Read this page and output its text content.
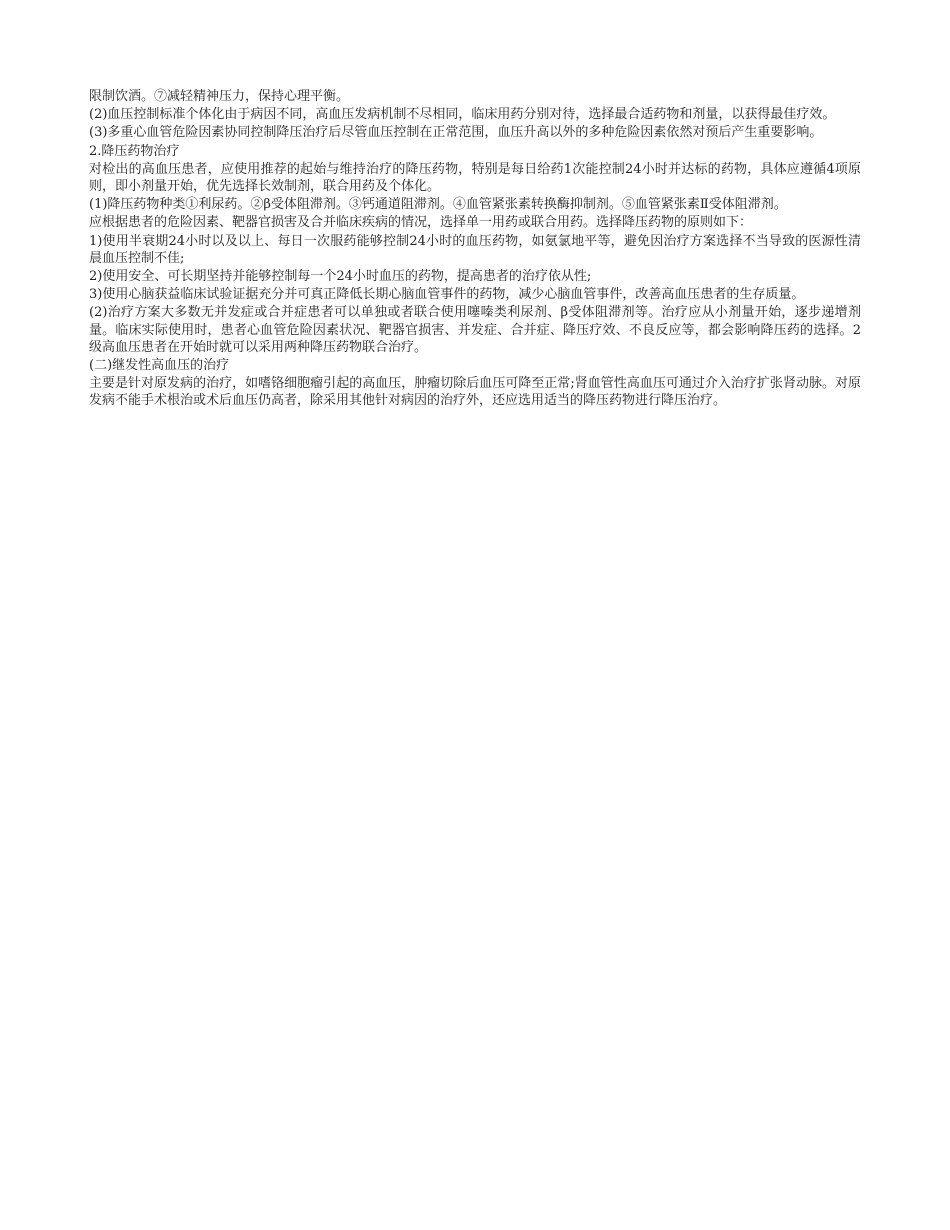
限制饮酒。⑦减轻精神压力，保持心理平衡。

(2)血压控制标准个体化由于病因不同，高血压发病机制不尽相同，临床用药分别对待，选择最合适药物和剂量，以获得最佳疗效。

(3)多重心血管危险因素协同控制降压治疗后尽管血压控制在正常范围，血压升高以外的多种危险因素依然对预后产生重要影响。

2.降压药物治疗

对检出的高血压患者，应使用推荐的起始与维持治疗的降压药物，特别是每日给药1次能控制24小时并达标的药物，具体应遵循4项原则，即小剂量开始，优先选择长效制剂，联合用药及个体化。

(1)降压药物种类①利尿药。②β受体阻滞剂。③钙通道阻滞剂。④血管紧张素转换酶抑制剂。⑤血管紧张素Ⅱ受体阻滞剂。

应根据患者的危险因素、靶器官损害及合并临床疾病的情况，选择单一用药或联合用药。选择降压药物的原则如下：

1)使用半衰期24小时以及以上、每日一次服药能够控制24小时的血压药物，如氨氯地平等，避免因治疗方案选择不当导致的医源性清晨血压控制不佳;

2)使用安全、可长期坚持并能够控制每一个24小时血压的药物，提高患者的治疗依从性;

3)使用心脑获益临床试验证据充分并可真正降低长期心脑血管事件的药物，减少心脑血管事件，改善高血压患者的生存质量。

(2)治疗方案大多数无并发症或合并症患者可以单独或者联合使用噻嗪类利尿剂、β受体阻滞剂等。治疗应从小剂量开始，逐步递增剂量。临床实际使用时，患者心血管危险因素状况、靶器官损害、并发症、合并症、降压疗效、不良反应等，都会影响降压药的选择。2级高血压患者在开始时就可以采用两种降压药物联合治疗。

(二)继发性高血压的治疗

主要是针对原发病的治疗，如嗜铬细胞瘤引起的高血压，肿瘤切除后血压可降至正常;肾血管性高血压可通过介入治疗扩张肾动脉。对原发病不能手术根治或术后血压仍高者，除采用其他针对病因的治疗外，还应选用适当的降压药物进行降压治疗。
